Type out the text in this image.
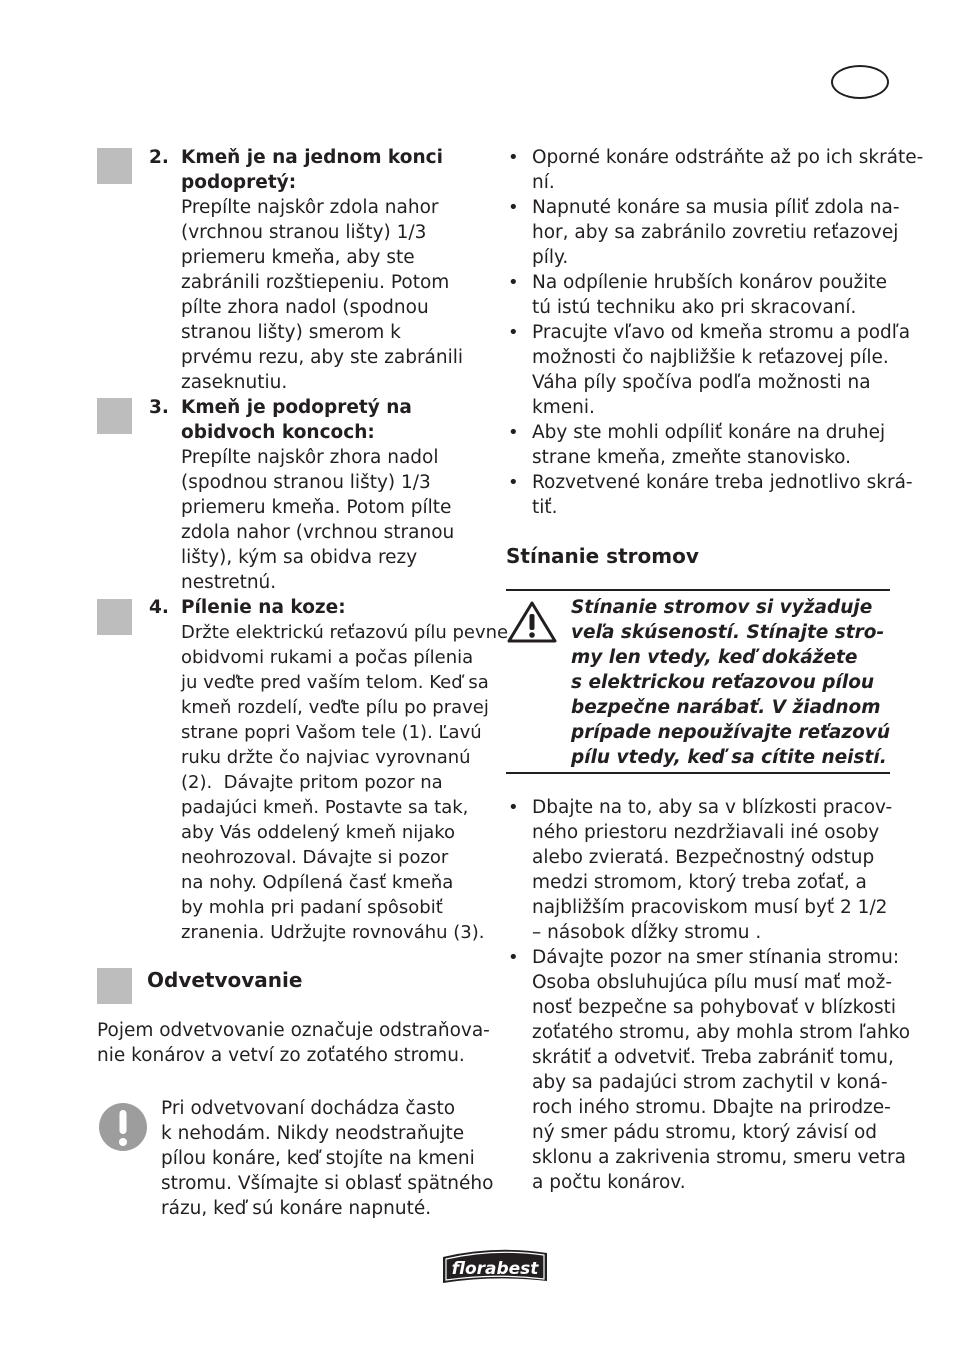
2. Kmeň je na jednom konci
podopretý:
Prepílte najskôr zdola nahor
(vrchnou stranou lišty) 1/3
priemeru kmeňa, aby ste
zabránili rozštiepeniu. Potom
pílte zhora nadol (spodnou
stranou lišty) smerom k
prvému rezu, aby ste zabránili
zaseknutiu.
3. Kmeň je podopretý na
obidvoch koncoch:
Prepílte najskôr zhora nadol
(spodnou stranou lišty) 1/3
priemeru kmeňa. Potom pílte
zdola nahor (vrchnou stranou
lišty), kým sa obidva rezy
nestretnú.
4. Pílenie na koze:
Držte elektrickú reťazovú pílu pevne
obidvomi rukami a počas pílenia
ju veďte pred vaším telom. Keď sa
kmeň rozdelí, veďte pílu po pravej
strane popri Vašom tele (1). Ľavú
ruku držte čo najviac vyrovnanú
(2).  Dávajte pritom pozor na
padajúci kmeň. Postavte sa tak,
aby Vás oddelený kmeň nijako
neohrozoval. Dávajte si pozor
na nohy. Odpílená časť kmeňa
by mohla pri padaní spôsobiť
zranenia. Udržujte rovnováhu (3).
Odvetvovanie
Pojem odvetvovanie označuje odstraňova-
nie konárov a vetví zo zoťatého stromu.
Pri odvetvovaní dochádza často
k nehodám. Nikdy neodstraňujte
pílou konáre, keď stojíte na kmeni
stromu. Všímajte si oblasť spätného
rázu, keď sú konáre napnuté.
• Oporné konáre odstráňte až po ich skráte-
ní.
• Napnuté konáre sa musia píliť zdola na-
hor, aby sa zabránilo zovretiu reťazovej
píly.
• Na odpílenie hrubších konárov použite
tú istú techniku ako pri skracovaní.
• Pracujte vľavo od kmeňa stromu a podľa
možnosti čo najbližšie k reťazovej píle.
Váha píly spočíva podľa možnosti na
kmeni.
• Aby ste mohli odpíliť konáre na druhej
strane kmeňa, zmeňte stanovisko.
• Rozvetvené konáre treba jednotlivo skrá-
tiť.
Stínanie stromov
Stínanie stromov si vyžaduje
veľa skúseností. Stínajte stro-
my len vtedy, keď dokážete
s elektrickou reťazovou pílou
bezpečne narábať. V žiadnom
prípade nepoužívajte reťazovú
pílu vtedy, keď sa cítite neistí.
• Dbajte na to, aby sa v blízkosti pracov-
ného priestoru nezdržiavali iné osoby
alebo zvieratá. Bezpečnostný odstup
medzi stromom, ktorý treba zoťať, a
najbližším pracoviskom musí byť 2 1/2
– násobok dĺžky stromu .
• Dávajte pozor na smer stínania stromu:
Osoba obsluhujúca pílu musí mať mož-
nosť bezpečne sa pohybovať v blízkosti
zoťatého stromu, aby mohla strom ľahko
skrátiť a odvetviť. Treba zabrániť tomu,
aby sa padajúci strom zachytil v koná-
roch iného stromu. Dbajte na prirodze-
ný smer pádu stromu, ktorý závisí od
sklonu a zakrivenia stromu, smeru vetra
a počtu konárov.
florabest
